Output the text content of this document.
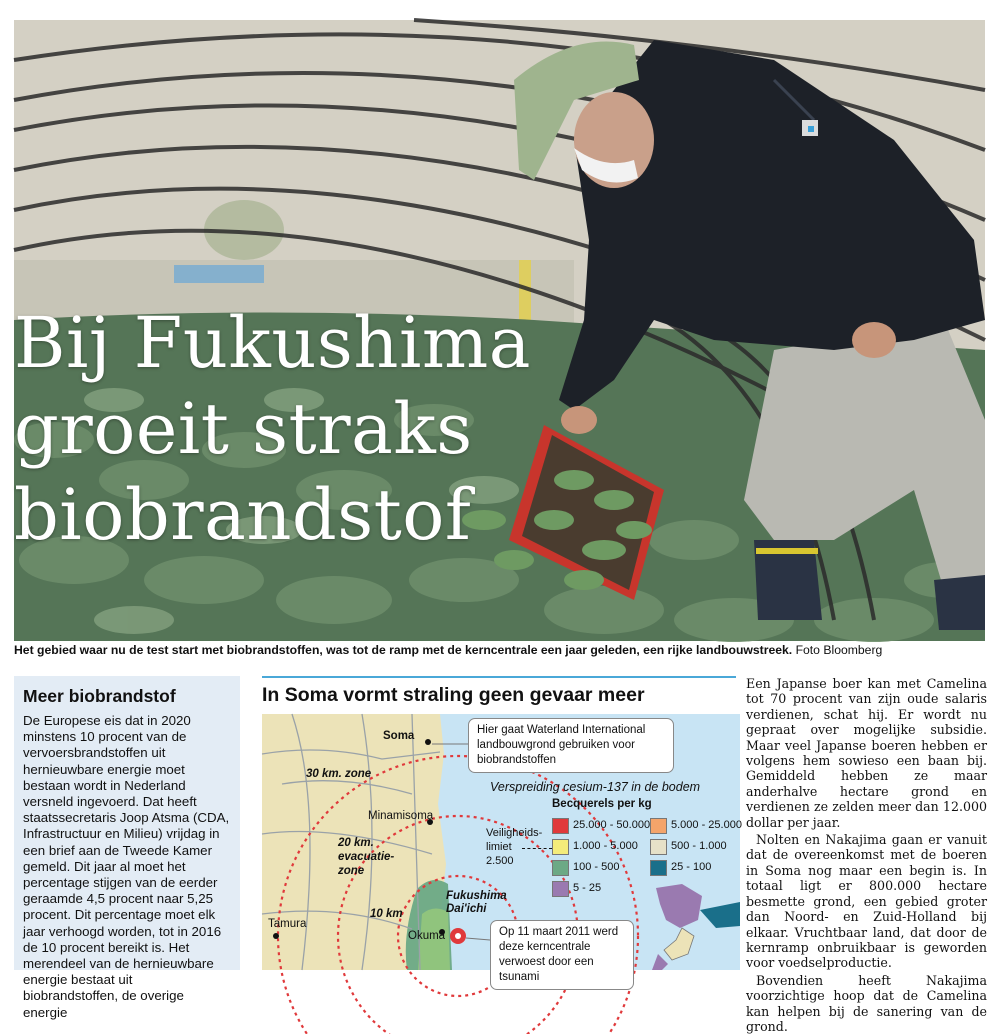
Bij Fukushima
groeit straks
biobrandstof
Het gebied waar nu de test start met biobrandstoffen, was tot de ramp met de kerncentrale een jaar geleden, een rijke landbouwstreek. Foto Bloomberg
Meer biobrandstof

De Europese eis dat in 2020 minstens 10 procent van de vervoersbrandstoffen uit hernieuwbare energie moet bestaan wordt in Nederland versneld ingevoerd. Dat heeft staatssecretaris Joop Atsma (CDA, Infrastructuur en Milieu) vrijdag in een brief aan de Tweede Kamer gemeld. Dit jaar al moet het percentage stijgen van de eerder geraamde 4,5 procent naar 5,25 procent. Dit percentage moet elk jaar verhoogd worden, tot in 2016 de 10 procent bereikt is. Het merendeel van de hernieuwbare energie bestaat uit biobrandstoffen, de overige energie

In Soma vormt straling geen gevaar meer
Soma
30 km. zone
Minamisoma
20 km.
evacuatie-
zone
Fukushima Dai'ichi
10 km
Tamura
Okuma
Hier gaat Waterland International landbouwgrond gebruiken voor biobrandstoffen
Op 11 maart 2011 werd deze kerncentrale verwoest door een tsunami
Verspreiding cesium-137 in de bodem
Becquerels per kg
Veiligheids-
limiet
2.500
25.000 - 50.000 5.000 - 25.000
1.000 - 5.000	500 - 1.000
100 - 500	25 - 100
5 - 25

Een Japanse boer kan met Camelina tot 70 procent van zijn oude salaris verdienen, schat hij. Er wordt nu gepraat over mogelijke subsidie. Maar veel Japanse boeren hebben er volgens hem sowieso een baan bij. Gemiddeld hebben ze maar anderhalve hectare grond en verdienen ze zelden meer dan 12.000 dollar per jaar.

Nolten en Nakajima gaan er vanuit dat de overeenkomst met de boeren in Soma nog maar een begin is. In totaal ligt er 800.000 hectare besmette grond, een gebied groter dan Noord- en Zuid-Holland bij elkaar. Vruchtbaar land, dat door de kernramp onbruikbaar is geworden voor voedselproductie.

Bovendien heeft Nakajima voorzichtige hoop dat de Camelina kan helpen bij de sanering van de grond.
